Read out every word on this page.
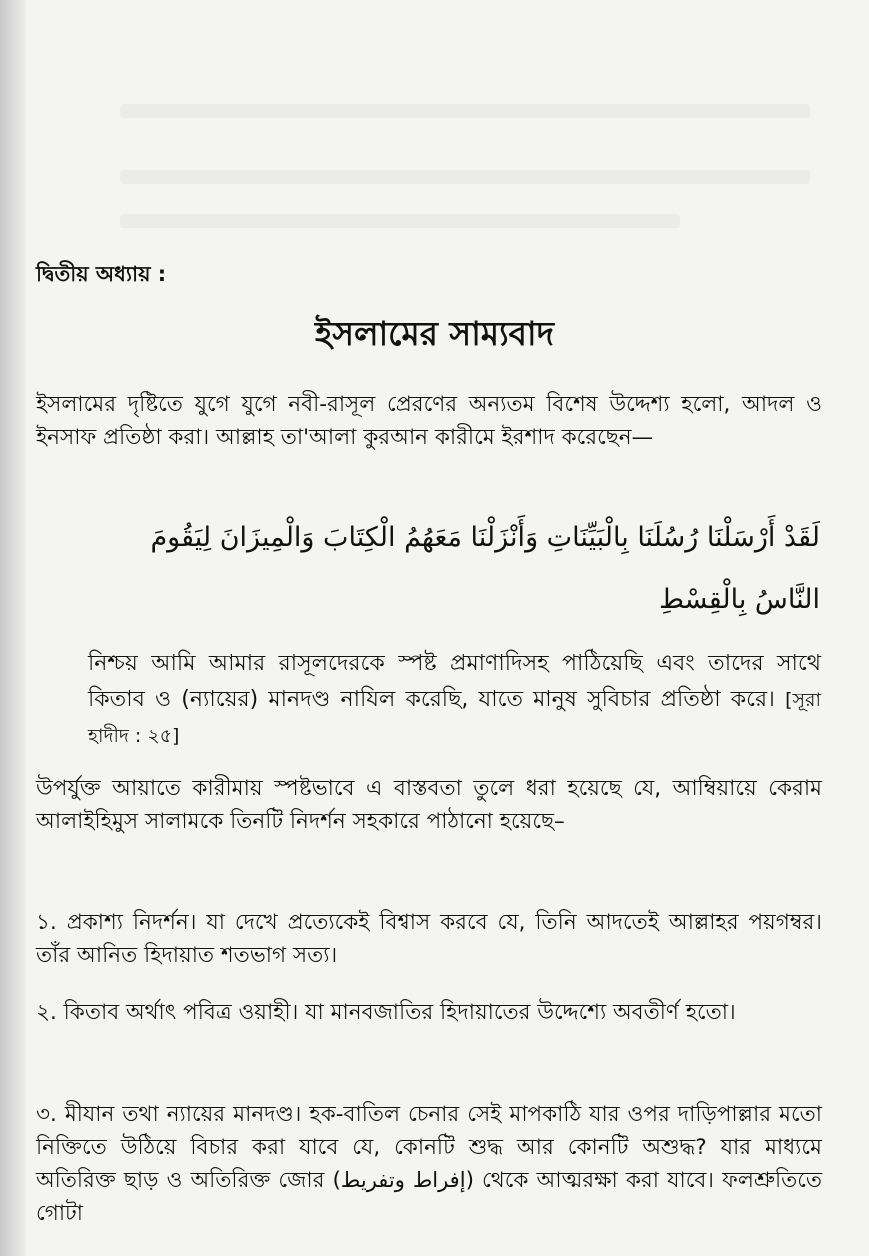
দ্বিতীয় অধ্যায় :
ইসলামের সাম্যবাদ

ইসলামের দৃষ্টিতে যুগে যুগে নবী-রাসূল প্রেরণের অন্যতম বিশেষ উদ্দেশ্য হলো, আদল ও ইনসাফ প্রতিষ্ঠা করা। আল্লাহ তা'আলা কুরআন কারীমে ইরশাদ করেছেন—

لَقَدْ أَرْسَلْنَا رُسُلَنَا بِالْبَيِّنَاتِ وَأَنْزَلْنَا مَعَهُمُ الْكِتَابَ وَالْمِيزَانَ لِيَقُومَ
النَّاسُ بِالْقِسْطِ

নিশ্চয় আমি আমার রাসূলদেরকে স্পষ্ট প্রমাণাদিসহ পাঠিয়েছি এবং তাদের সাথে কিতাব ও (ন্যায়ের) মানদণ্ড নাযিল করেছি, যাতে মানুষ সুবিচার প্রতিষ্ঠা করে। [সূরা হাদীদ : ২৫]

উপর্যুক্ত আয়াতে কারীমায় স্পষ্টভাবে এ বাস্তবতা তুলে ধরা হয়েছে যে, আম্বিয়ায়ে কেরাম আলাইহিমুস সালামকে তিনটি নিদর্শন সহকারে পাঠানো হয়েছে–

১. প্রকাশ্য নিদর্শন। যা দেখে প্রত্যেকেই বিশ্বাস করবে যে, তিনি আদতেই আল্লাহর পয়গম্বর। তাঁর আনিত হিদায়াত শতভাগ সত্য।

২. কিতাব অর্থাৎ পবিত্র ওয়াহী। যা মানবজাতির হিদায়াতের উদ্দেশ্যে অবতীর্ণ হতো।

৩. মীযান তথা ন্যায়ের মানদণ্ড। হক-বাতিল চেনার সেই মাপকাঠি যার ওপর দাড়িপাল্লার মতো নিক্তিতে উঠিয়ে বিচার করা যাবে যে, কোনটি শুদ্ধ আর কোনটি অশুদ্ধ? যার মাধ্যমে অতিরিক্ত ছাড় ও অতিরিক্ত জোর (إفراط وتفريط) থেকে আত্মরক্ষা করা যাবে। ফলশ্রুতিতে গোটা
